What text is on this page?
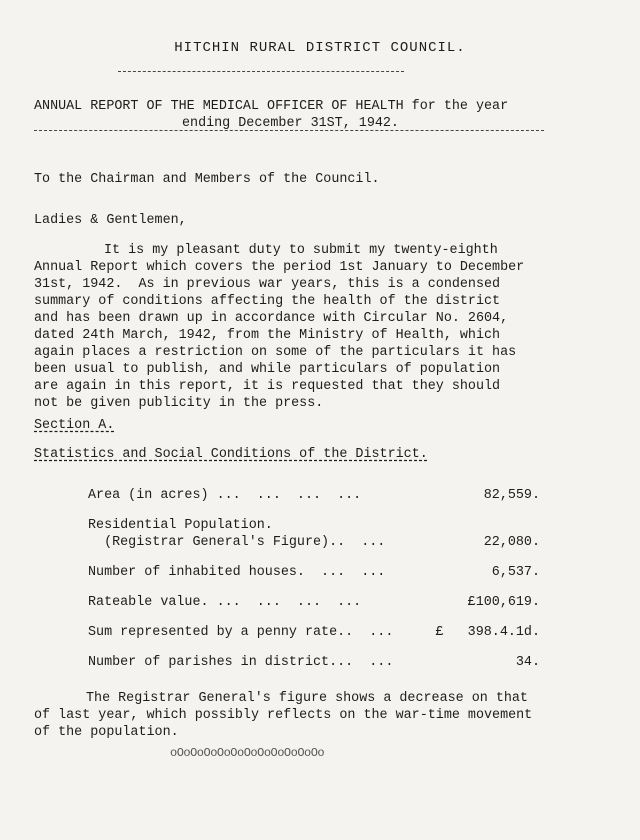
HITCHIN RURAL DISTRICT COUNCIL.
ANNUAL REPORT OF THE MEDICAL OFFICER OF HEALTH for the year
ending December 31ST, 1942.
To the Chairman and Members of the Council.
Ladies & Gentlemen,
It is my pleasant duty to submit my twenty-eighth
Annual Report which covers the period 1st January to December
31st, 1942.  As in previous war years, this is a condensed
summary of conditions affecting the health of the district
and has been drawn up in accordance with Circular No. 2604,
dated 24th March, 1942, from the Ministry of Health, which
again places a restriction on some of the particulars it has
been usual to publish, and while particulars of population
are again in this report, it is requested that they should
not be given publicity in the press.
Section A.
Statistics and Social Conditions of the District.
Area (in acres) ...  ...  ...  ...	82,559.
Residential Population.
(Registrar General's Figure)..  ...	22,080.
Number of inhabited houses.  ...  ...	6,537.
Rateable value. ...  ...  ...  ...	£100,619.
Sum represented by a penny rate..  ...	£   398.4.1d.
Number of parishes in district...  ...	34.
The Registrar General's figure shows a decrease on that
of last year, which possibly reflects on the war-time movement
of the population.
oOoOoOoOoOoOoOoOoOoOoOo
